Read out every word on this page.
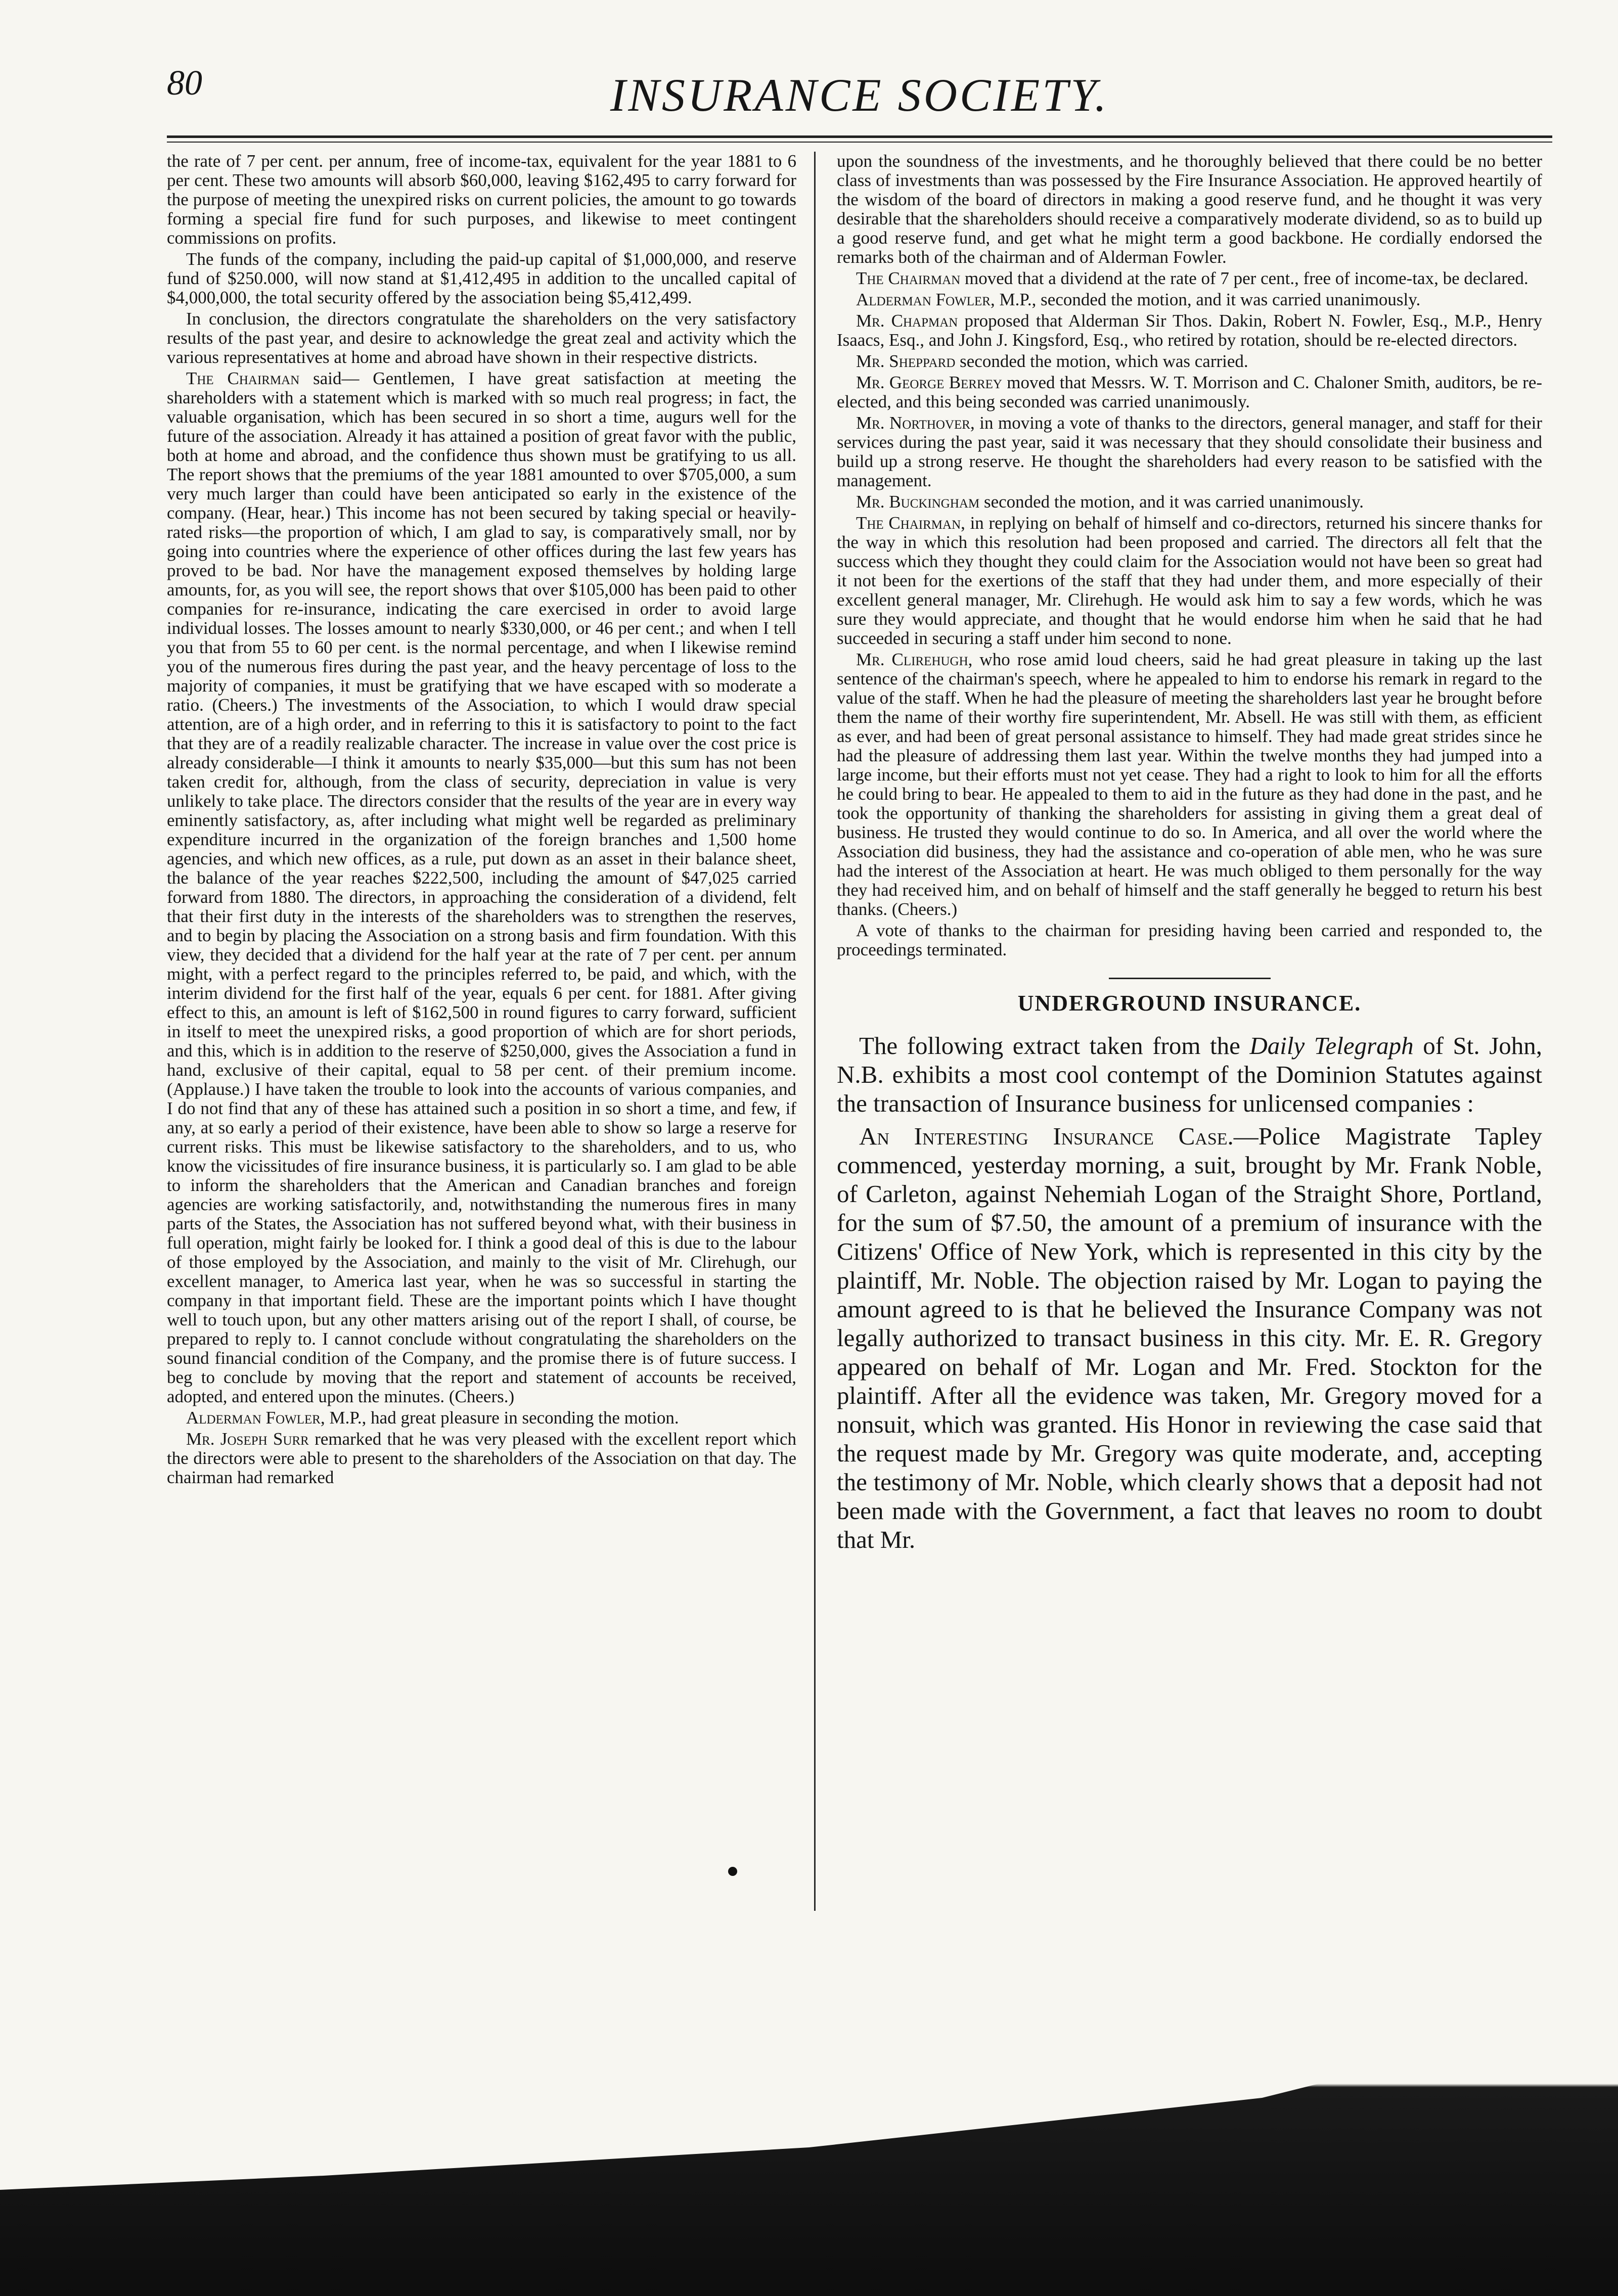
80	INSURANCE SOCIETY.

the rate of 7 per cent. per annum, free of income-tax, equivalent for the year 1881 to 6 per cent. These two amounts will absorb $60,000, leaving $162,495 to carry forward for the purpose of meeting the unexpired risks on current policies, the amount to go towards forming a special fire fund for such purposes, and likewise to meet contingent commissions on profits.

The funds of the company, including the paid-up capital of $1,000,000, and reserve fund of $250.000, will now stand at $1,412,495 in addition to the uncalled capital of $4,000,000, the total security offered by the association being $5,412,499.

In conclusion, the directors congratulate the shareholders on the very satisfactory results of the past year, and desire to acknowledge the great zeal and activity which the various representatives at home and abroad have shown in their respective districts.

The Chairman said— Gentlemen, I have great satisfaction at meeting the shareholders with a statement which is marked with so much real progress; in fact, the valuable organisation, which has been secured in so short a time, augurs well for the future of the association. Already it has attained a position of great favor with the public, both at home and abroad, and the confidence thus shown must be gratifying to us all. The report shows that the premiums of the year 1881 amounted to over $705,000, a sum very much larger than could have been anticipated so early in the existence of the company. (Hear, hear.) This income has not been secured by taking special or heavily-rated risks—the proportion of which, I am glad to say, is comparatively small, nor by going into countries where the experience of other offices during the last few years has proved to be bad. Nor have the management exposed themselves by holding large amounts, for, as you will see, the report shows that over $105,000 has been paid to other companies for re-insurance, indicating the care exercised in order to avoid large individual losses. The losses amount to nearly $330,000, or 46 per cent.; and when I tell you that from 55 to 60 per cent. is the normal percentage, and when I likewise remind you of the numerous fires during the past year, and the heavy percentage of loss to the majority of companies, it must be gratifying that we have escaped with so moderate a ratio. (Cheers.) The investments of the Association, to which I would draw special attention, are of a high order, and in referring to this it is satisfactory to point to the fact that they are of a readily realizable character. The increase in value over the cost price is already considerable—I think it amounts to nearly $35,000—but this sum has not been taken credit for, although, from the class of security, depreciation in value is very unlikely to take place. The directors consider that the results of the year are in every way eminently satisfactory, as, after including what might well be regarded as preliminary expenditure incurred in the organization of the foreign branches and 1,500 home agencies, and which new offices, as a rule, put down as an asset in their balance sheet, the balance of the year reaches $222,500, including the amount of $47,025 carried forward from 1880. The directors, in approaching the consideration of a dividend, felt that their first duty in the interests of the shareholders was to strengthen the reserves, and to begin by placing the Association on a strong basis and firm foundation. With this view, they decided that a dividend for the half year at the rate of 7 per cent. per annum might, with a perfect regard to the principles referred to, be paid, and which, with the interim dividend for the first half of the year, equals 6 per cent. for 1881. After giving effect to this, an amount is left of $162,500 in round figures to carry forward, sufficient in itself to meet the unexpired risks, a good proportion of which are for short periods, and this, which is in addition to the reserve of $250,000, gives the Association a fund in hand, exclusive of their capital, equal to 58 per cent. of their premium income. (Applause.) I have taken the trouble to look into the accounts of various companies, and I do not find that any of these has attained such a position in so short a time, and few, if any, at so early a period of their existence, have been able to show so large a reserve for current risks. This must be likewise satisfactory to the shareholders, and to us, who know the vicissitudes of fire insurance business, it is particularly so. I am glad to be able to inform the shareholders that the American and Canadian branches and foreign agencies are working satisfactorily, and, notwithstanding the numerous fires in many parts of the States, the Association has not suffered beyond what, with their business in full operation, might fairly be looked for. I think a good deal of this is due to the labour of those employed by the Association, and mainly to the visit of Mr. Clirehugh, our excellent manager, to America last year, when he was so successful in starting the company in that important field. These are the important points which I have thought well to touch upon, but any other matters arising out of the report I shall, of course, be prepared to reply to. I cannot conclude without congratulating the shareholders on the sound financial condition of the Company, and the promise there is of future success. I beg to conclude by moving that the report and statement of accounts be received, adopted, and entered upon the minutes. (Cheers.)

Alderman Fowler, M.P., had great pleasure in seconding the motion.

Mr. Joseph Surr remarked that he was very pleased with the excellent report which the directors were able to present to the shareholders of the Association on that day. The chairman had remarked

upon the soundness of the investments, and he thoroughly believed that there could be no better class of investments than was possessed by the Fire Insurance Association. He approved heartily of the wisdom of the board of directors in making a good reserve fund, and he thought it was very desirable that the shareholders should receive a comparatively moderate dividend, so as to build up a good reserve fund, and get what he might term a good backbone. He cordially endorsed the remarks both of the chairman and of Alderman Fowler.

The Chairman moved that a dividend at the rate of 7 per cent., free of income-tax, be declared.

Alderman Fowler, M.P., seconded the motion, and it was carried unanimously.

Mr. Chapman proposed that Alderman Sir Thos. Dakin, Robert N. Fowler, Esq., M.P., Henry Isaacs, Esq., and John J. Kingsford, Esq., who retired by rotation, should be re-elected directors.

Mr. Sheppard seconded the motion, which was carried.

Mr. George Berrey moved that Messrs. W. T. Morrison and C. Chaloner Smith, auditors, be re-elected, and this being seconded was carried unanimously.

Mr. Northover, in moving a vote of thanks to the directors, general manager, and staff for their services during the past year, said it was necessary that they should consolidate their business and build up a strong reserve. He thought the shareholders had every reason to be satisfied with the management.

Mr. Buckingham seconded the motion, and it was carried unanimously.

The Chairman, in replying on behalf of himself and co-directors, returned his sincere thanks for the way in which this resolution had been proposed and carried. The directors all felt that the success which they thought they could claim for the Association would not have been so great had it not been for the exertions of the staff that they had under them, and more especially of their excellent general manager, Mr. Clirehugh. He would ask him to say a few words, which he was sure they would appreciate, and thought that he would endorse him when he said that he had succeeded in securing a staff under him second to none.

Mr. Clirehugh, who rose amid loud cheers, said he had great pleasure in taking up the last sentence of the chairman's speech, where he appealed to him to endorse his remark in regard to the value of the staff. When he had the pleasure of meeting the shareholders last year he brought before them the name of their worthy fire superintendent, Mr. Absell. He was still with them, as efficient as ever, and had been of great personal assistance to himself. They had made great strides since he had the pleasure of addressing them last year. Within the twelve months they had jumped into a large income, but their efforts must not yet cease. They had a right to look to him for all the efforts he could bring to bear. He appealed to them to aid in the future as they had done in the past, and he took the opportunity of thanking the shareholders for assisting in giving them a great deal of business. He trusted they would continue to do so. In America, and all over the world where the Association did business, they had the assistance and co-operation of able men, who he was sure had the interest of the Association at heart. He was much obliged to them personally for the way they had received him, and on behalf of himself and the staff generally he begged to return his best thanks. (Cheers.)

A vote of thanks to the chairman for presiding having been carried and responded to, the proceedings terminated.

UNDERGROUND INSURANCE.

The following extract taken from the Daily Telegraph of St. John, N.B. exhibits a most cool contempt of the Dominion Statutes against the transaction of Insurance business for unlicensed companies :

An Interesting Insurance Case.—Police Magistrate Tapley commenced, yesterday morning, a suit, brought by Mr. Frank Noble, of Carleton, against Nehemiah Logan of the Straight Shore, Portland, for the sum of $7.50, the amount of a premium of insurance with the Citizens' Office of New York, which is represented in this city by the plaintiff, Mr. Noble. The objection raised by Mr. Logan to paying the amount agreed to is that he believed the Insurance Company was not legally authorized to transact business in this city. Mr. E. R. Gregory appeared on behalf of Mr. Logan and Mr. Fred. Stockton for the plaintiff. After all the evidence was taken, Mr. Gregory moved for a nonsuit, which was granted. His Honor in reviewing the case said that the request made by Mr. Gregory was quite moderate, and, accepting the testimony of Mr. Noble, which clearly shows that a deposit had not been made with the Government, a fact that leaves no room to doubt that Mr.
